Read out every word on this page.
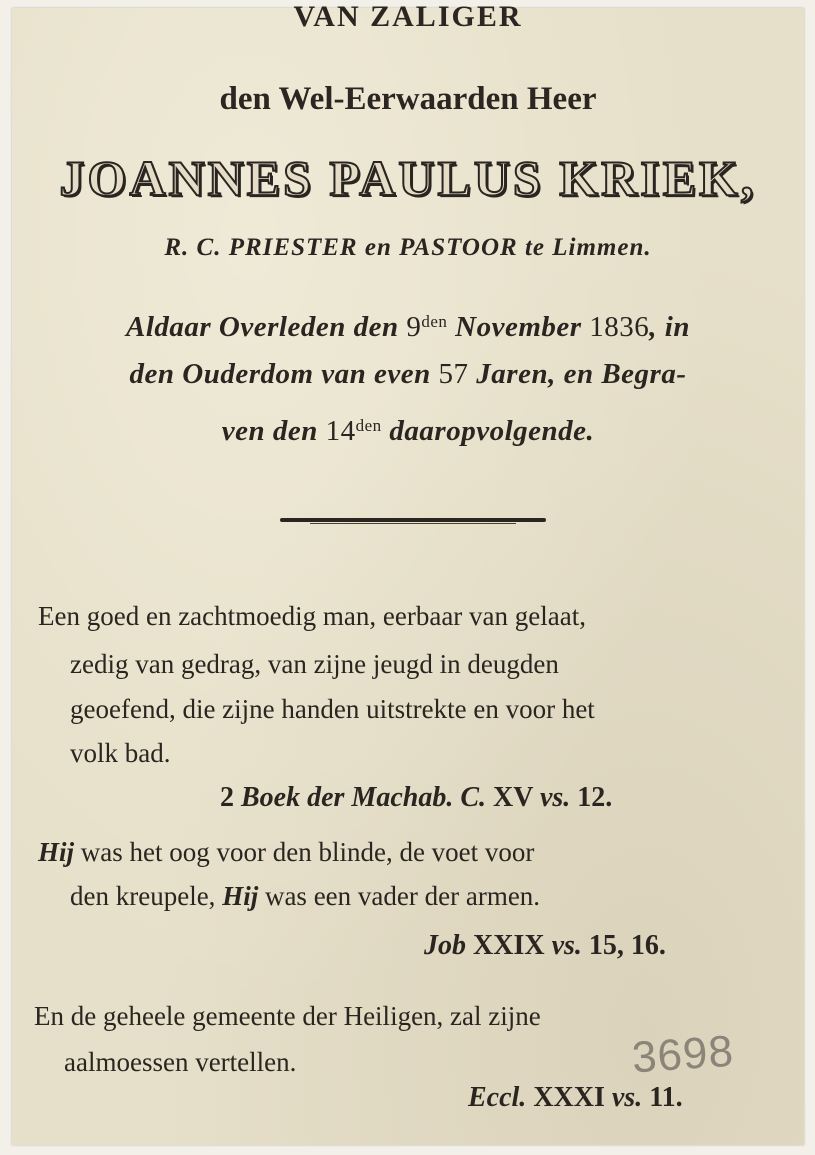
VAN ZALIGER
den Wel-Eerwaarden Heer
JOANNES PAULUS KRIEK,
R. C. PRIESTER en PASTOOR te Limmen.
Aldaar Overleden den $9^{den}$ November 1836, in
den Ouderdom van even 57 Jaren, en Begra-
ven den $14^{den}$ daaropvolgende.
Een goed en zachtmoedig man, eerbaar van gelaat,
zedig van gedrag, van zijne jeugd in deugden
geoefend, die zijne handen uitstrekte en voor het
volk bad.
2 Boek der Machab. C. XV vs. 12.
Hij was het oog voor den blinde, de voet voor
den kreupele, Hij was een vader der armen.
Job XXIX vs. 15, 16.
En de geheele gemeente der Heiligen, zal zijne
aalmoessen vertellen.
Eccl. XXXI vs. 11.
3698
